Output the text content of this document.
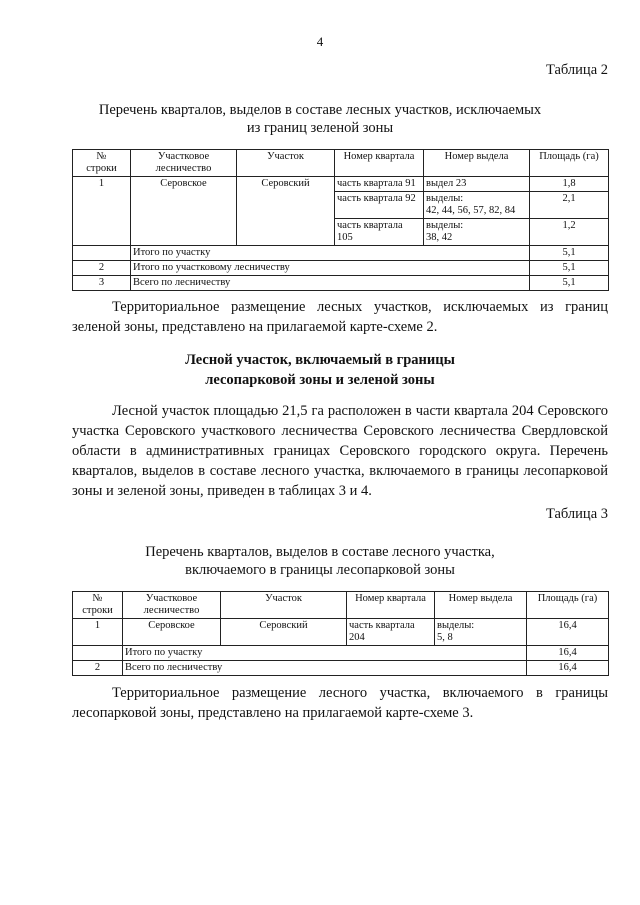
4
Таблица 2
Перечень кварталов, выделов в составе лесных участков, исключаемых
из границ зеленой зоны
№
строки	Участковое
лесничество	Участок	Номер квартала	Номер выдела	Площадь (га)
1	Серовское	Серовский	часть квартала 91	выдел 23	1,8
			часть квартала 92	выделы:
42, 44, 56, 57, 82, 84	2,1
			часть квартала 105	выделы:
38, 42	1,2
	Итого по участку				5,1
2	Итого по участковому лесничеству				5,1
3	Всего по лесничеству				5,1
Территориальное размещение лесных участков, исключаемых из границ зеленой зоны, представлено на прилагаемой карте-схеме 2.
Лесной участок, включаемый в границы
лесопарковой зоны и зеленой зоны
Лесной участок площадью 21,5 га расположен в части квартала 204 Серовского участка Серовского участкового лесничества Серовского лесничества Свердловской области в административных границах Серовского городского округа. Перечень кварталов, выделов в составе лесного участка, включаемого в границы лесопарковой зоны и зеленой зоны, приведен в таблицах 3 и 4.
Таблица 3
Перечень кварталов, выделов в составе лесного участка,
включаемого в границы лесопарковой зоны
№
строки	Участковое
лесничество	Участок	Номер квартала	Номер выдела	Площадь (га)
1	Серовское	Серовский	часть квартала 204	выделы:
5, 8	16,4
	Итого по участку				16,4
2	Всего по лесничеству				16,4
Территориальное размещение лесного участка, включаемого в границы лесопарковой зоны, представлено на прилагаемой карте-схеме 3.
